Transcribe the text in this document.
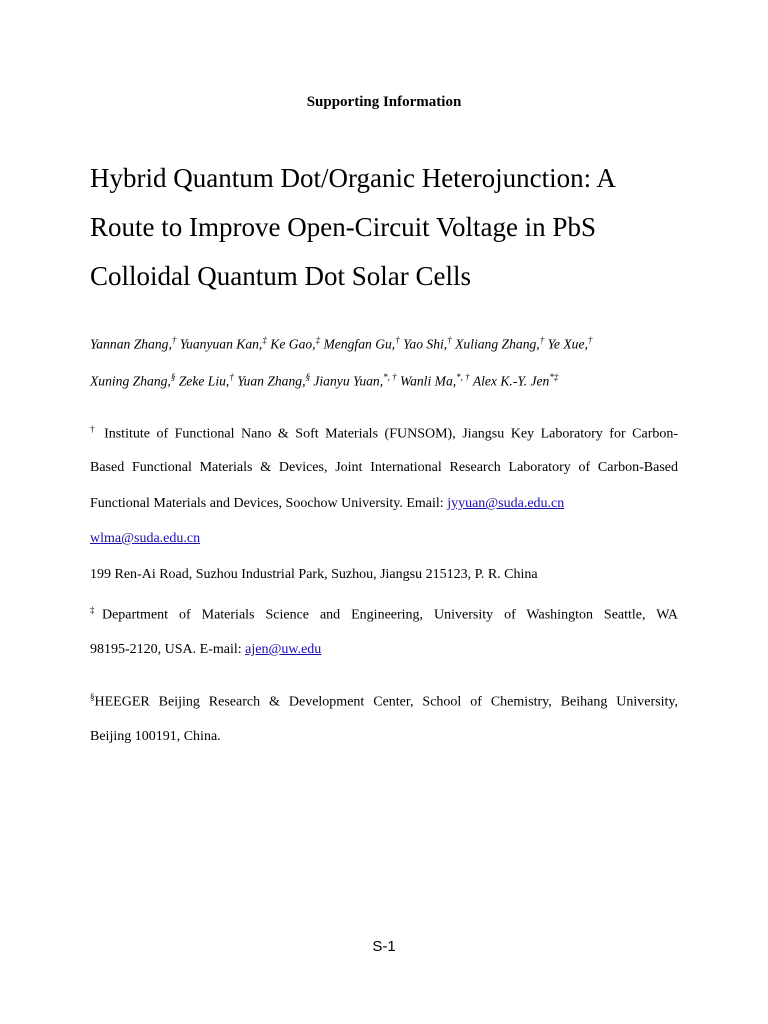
Supporting Information
Hybrid Quantum Dot/Organic Heterojunction: A
Route to Improve Open-Circuit Voltage in PbS
Colloidal Quantum Dot Solar Cells
Yannan Zhang,† Yuanyuan Kan,‡ Ke Gao,‡ Mengfan Gu,† Yao Shi,† Xuliang Zhang,† Ye Xue,†
Xuning Zhang,§ Zeke Liu,† Yuan Zhang,§ Jianyu Yuan,*, † Wanli Ma,*, † Alex K.-Y. Jen*‡
† Institute of Functional Nano & Soft Materials (FUNSOM), Jiangsu Key Laboratory for Carbon-
Based Functional Materials & Devices, Joint International Research Laboratory of Carbon-Based
Functional Materials and Devices, Soochow University. Email: jyyuan@suda.edu.cn
wlma@suda.edu.cn
199 Ren-Ai Road, Suzhou Industrial Park, Suzhou, Jiangsu 215123, P. R. China
‡Department of Materials Science and Engineering, University of Washington Seattle, WA
98195-2120, USA. E-mail: ajen@uw.edu
§HEEGER Beijing Research & Development Center, School of Chemistry, Beihang University,
Beijing 100191, China.
S-1
